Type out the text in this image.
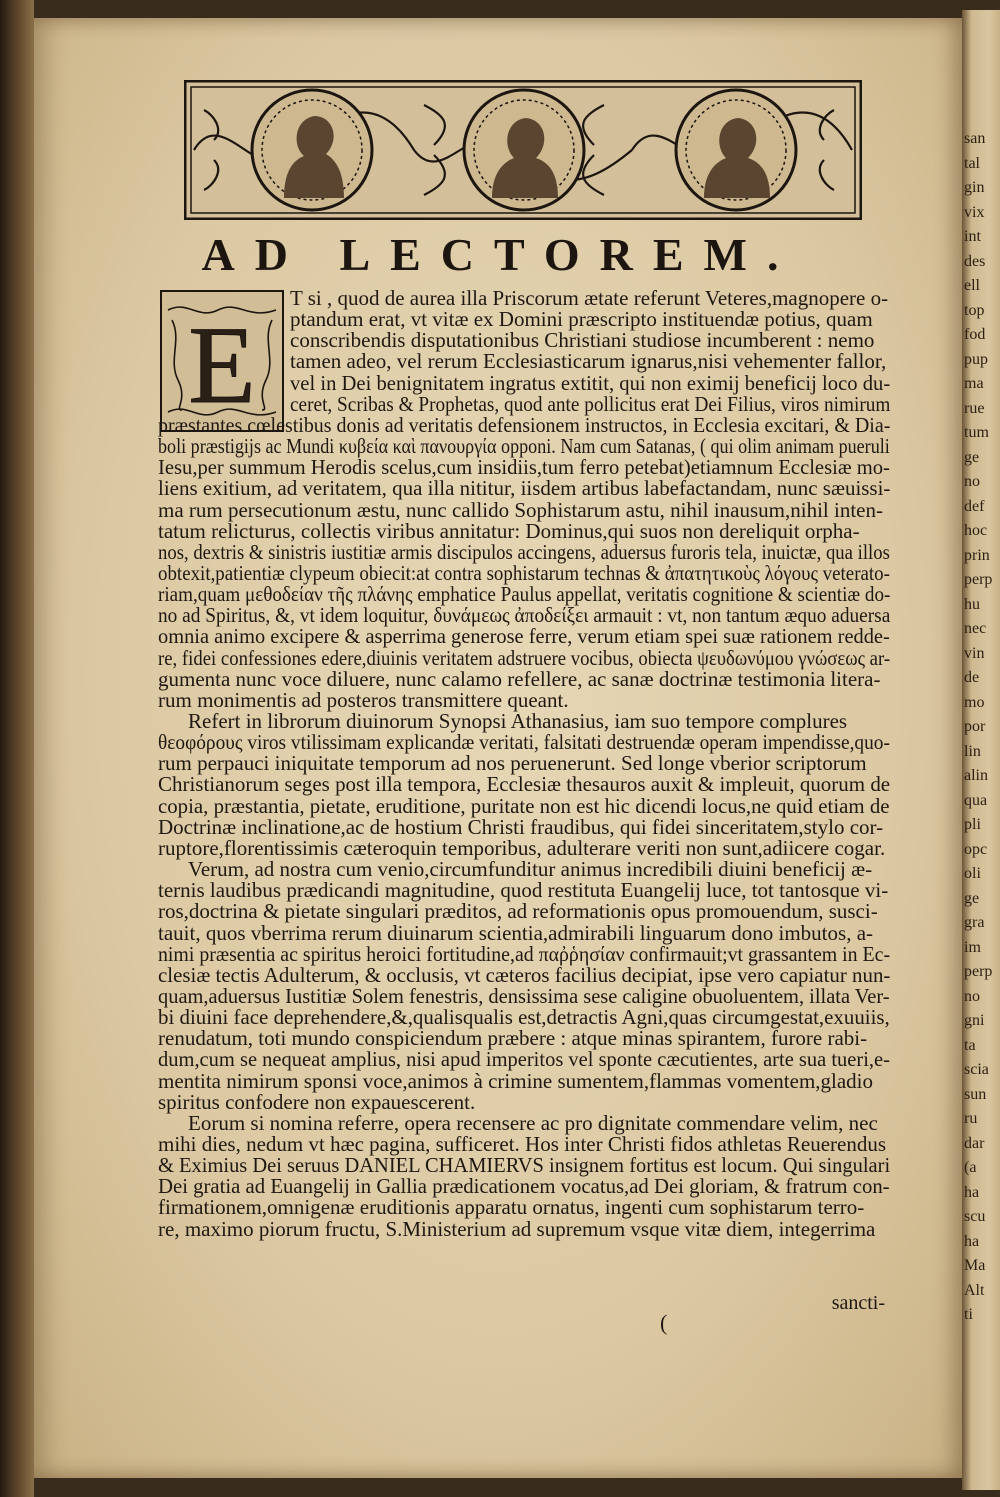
san
tal
gin
vix
int
des
ell
top
fod
pup
ma
rue
tum
ge
no
def
hoc
prin
perp
hu
nec
vin
de
mo
por
lin
alin
qua
pli
opc
oli
ge
gra
im
perp
no
gni
ta
scia
sun
ru
dar
(a
ha
scu
ha
Ma
Alt
ti
AD LECTOREM.
E
T si , quod de aurea illa Priscorum ætate referunt Veteres,magnopere o-
ptandum erat, vt vitæ ex Domini præscripto instituendæ potius, quam
conscribendis disputationibus Christiani studiose incumberent : nemo
tamen adeo, vel rerum Ecclesiasticarum ignarus,nisi vehementer fallor,
vel in Dei benignitatem ingratus extitit, qui non eximij beneficij loco du-
ceret, Scribas & Prophetas, quod ante pollicitus erat Dei Filius, viros nimirum
præstantes cœlestibus donis ad veritatis defensionem instructos, in Ecclesia excitari, & Dia-
boli præstigijs ac Mundi κυβεία καὶ πανουργία opponi. Nam cum Satanas, ( qui olim animam pueruli
Iesu,per summum Herodis scelus,cum insidiis,tum ferro petebat)etiamnum Ecclesiæ mo-
liens exitium, ad veritatem, qua illa nititur, iisdem artibus labefactandam, nunc sæuissi-
ma rum persecutionum æstu, nunc callido Sophistarum astu, nihil inausum,nihil inten-
tatum relicturus, collectis viribus annitatur: Dominus,qui suos non dereliquit orpha-
nos, dextris & sinistris iustitiæ armis discipulos accingens, aduersus furoris tela, inuictæ, qua illos
obtexit,patientiæ clypeum obiecit:at contra sophistarum technas & ἀπατητικοὺς λόγους veterato-
riam,quam μεθοδείαν τῆς πλάνης emphatice Paulus appellat, veritatis cognitione & scientiæ do-
no ad Spiritus, &, vt idem loquitur, δυνάμεως ἀποδείξει armauit : vt, non tantum æquo aduersa
omnia animo excipere & asperrima generose ferre, verum etiam spei suæ rationem redde-
re, fidei confessiones edere,diuinis veritatem adstruere vocibus, obiecta ψευδωνύμου γνώσεως ar-
gumenta nunc voce diluere, nunc calamo refellere, ac sanæ doctrinæ testimonia litera-
rum monimentis ad posteros transmittere queant.
Refert in librorum diuinorum Synopsi Athanasius, iam suo tempore complures
θεοφόρους viros vtilissimam explicandæ veritati, falsitati destruendæ operam impendisse,quo-
rum perpauci iniquitate temporum ad nos peruenerunt. Sed longe vberior scriptorum
Christianorum seges post illa tempora, Ecclesiæ thesauros auxit & impleuit, quorum de
copia, præstantia, pietate, eruditione, puritate non est hic dicendi locus,ne quid etiam de
Doctrinæ inclinatione,ac de hostium Christi fraudibus, qui fidei sinceritatem,stylo cor-
ruptore,florentissimis cæteroquin temporibus, adulterare veriti non sunt,adiicere cogar.
Verum, ad nostra cum venio,circumfunditur animus incredibili diuini beneficij æ-
ternis laudibus prædicandi magnitudine, quod restituta Euangelij luce, tot tantosque vi-
ros,doctrina & pietate singulari præditos, ad reformationis opus promouendum, susci-
tauit, quos vberrima rerum diuinarum scientia,admirabili linguarum dono imbutos, a-
nimi præsentia ac spiritus heroici fortitudine,ad παῤῥησίαν confirmauit;vt grassantem in Ec-
clesiæ tectis Adulterum, & occlusis, vt cæteros facilius decipiat, ipse vero capiatur nun-
quam,aduersus Iustitiæ Solem fenestris, densissima sese caligine obuoluentem, illata Ver-
bi diuini face deprehendere,&,qualisqualis est,detractis Agni,quas circumgestat,exuuiis,
renudatum, toti mundo conspiciendum præbere : atque minas spirantem, furore rabi-
dum,cum se nequeat amplius, nisi apud imperitos vel sponte cæcutientes, arte sua tueri,e-
mentita nimirum sponsi voce,animos à crimine sumentem,flammas vomentem,gladio
spiritus confodere non expauescerent.
Eorum si nomina referre, opera recensere ac pro dignitate commendare velim, nec
mihi dies, nedum vt hæc pagina, sufficeret. Hos inter Christi fidos athletas Reuerendus
& Eximius Dei seruus DANIEL CHAMIERVS insignem fortitus est locum. Qui singulari
Dei gratia ad Euangelij in Gallia prædicationem vocatus,ad Dei gloriam, & fratrum con-
firmationem,omnigenæ eruditionis apparatu ornatus, ingenti cum sophistarum terro-
re, maximo piorum fructu, S.Ministerium ad supremum vsque vitæ diem, integerrima
sancti-
(
